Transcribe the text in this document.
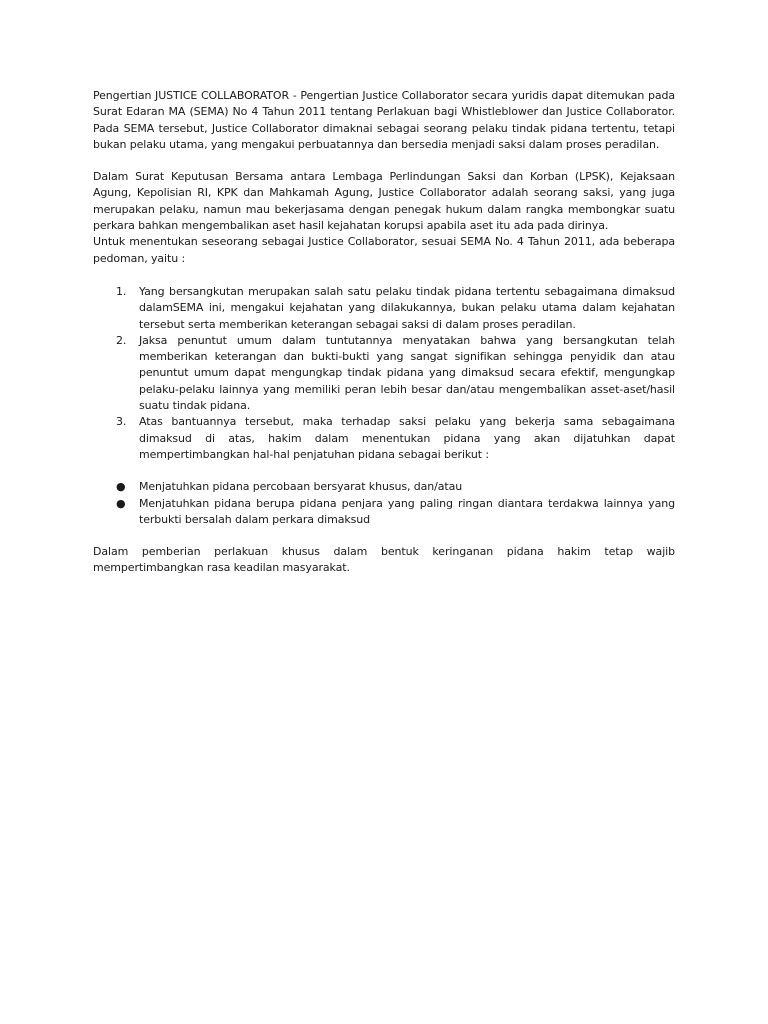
Pengertian JUSTICE COLLABORATOR - Pengertian Justice Collaborator secara yuridis dapat ditemukan pada Surat Edaran MA (SEMA) No 4 Tahun 2011 tentang Perlakuan bagi Whistleblower dan Justice Collaborator. Pada SEMA tersebut, Justice Collaborator dimaknai sebagai seorang pelaku tindak pidana tertentu, tetapi bukan pelaku utama, yang mengakui perbuatannya dan bersedia menjadi saksi dalam proses peradilan.

Dalam Surat Keputusan Bersama antara Lembaga Perlindungan Saksi dan Korban (LPSK), Kejaksaan Agung, Kepolisian RI, KPK dan Mahkamah Agung, Justice Collaborator adalah seorang saksi, yang juga merupakan pelaku, namun mau bekerjasama dengan penegak hukum dalam rangka membongkar suatu perkara bahkan mengembalikan aset hasil kejahatan korupsi apabila aset itu ada pada dirinya.

Untuk menentukan seseorang sebagai Justice Collaborator, sesuai SEMA No. 4 Tahun 2011, ada beberapa pedoman, yaitu :

1. Yang bersangkutan merupakan salah satu pelaku tindak pidana tertentu sebagaimana dimaksud dalamSEMA ini, mengakui kejahatan yang dilakukannya, bukan pelaku utama dalam kejahatan tersebut serta memberikan keterangan sebagai saksi di dalam proses peradilan.
2. Jaksa penuntut umum dalam tuntutannya menyatakan bahwa yang bersangkutan telah memberikan keterangan dan bukti-bukti yang sangat signifikan sehingga penyidik dan atau penuntut umum dapat mengungkap tindak pidana yang dimaksud secara efektif, mengungkap pelaku-pelaku lainnya yang memiliki peran lebih besar dan/atau mengembalikan asset-aset/hasil suatu tindak pidana.
3. Atas bantuannya tersebut, maka terhadap saksi pelaku yang bekerja sama sebagaimana dimaksud di atas, hakim dalam menentukan pidana yang akan dijatuhkan dapat mempertimbangkan hal-hal penjatuhan pidana sebagai berikut :
● Menjatuhkan pidana percobaan bersyarat khusus, dan/atau
● Menjatuhkan pidana berupa pidana penjara yang paling ringan diantara terdakwa lainnya yang terbukti bersalah dalam perkara dimaksud

Dalam pemberian perlakuan khusus dalam bentuk keringanan pidana hakim tetap wajib mempertimbangkan rasa keadilan masyarakat.
